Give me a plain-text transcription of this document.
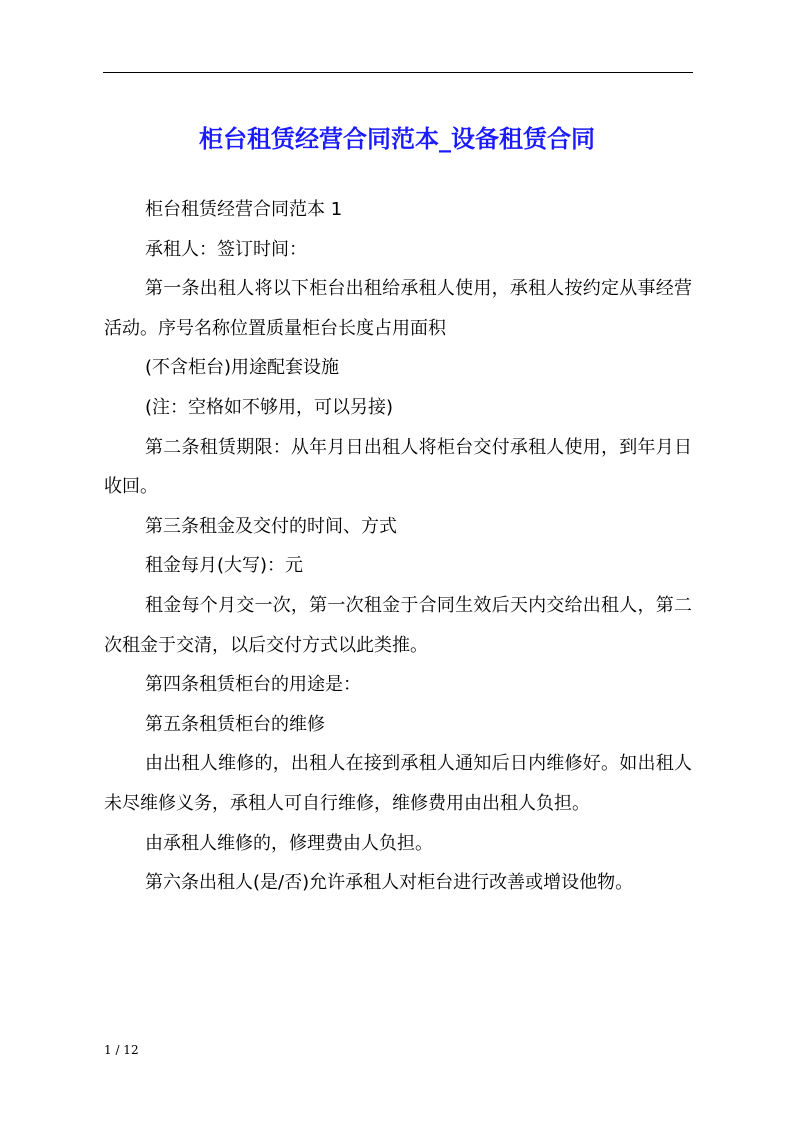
柜台租赁经营合同范本_设备租赁合同

柜台租赁经营合同范本 1

承租人：签订时间：

第一条出租人将以下柜台出租给承租人使用，承租人按约定从事经营活动。序号名称位置质量柜台长度占用面积

(不含柜台)用途配套设施

(注：空格如不够用，可以另接)

第二条租赁期限：从年月日出租人将柜台交付承租人使用，到年月日收回。

第三条租金及交付的时间、方式

租金每月(大写)：元

租金每个月交一次，第一次租金于合同生效后天内交给出租人，第二次租金于交清，以后交付方式以此类推。

第四条租赁柜台的用途是：

第五条租赁柜台的维修

由出租人维修的，出租人在接到承租人通知后日内维修好。如出租人未尽维修义务，承租人可自行维修，维修费用由出租人负担。

由承租人维修的，修理费由人负担。

第六条出租人(是/否)允许承租人对柜台进行改善或增设他物。

1 / 12
